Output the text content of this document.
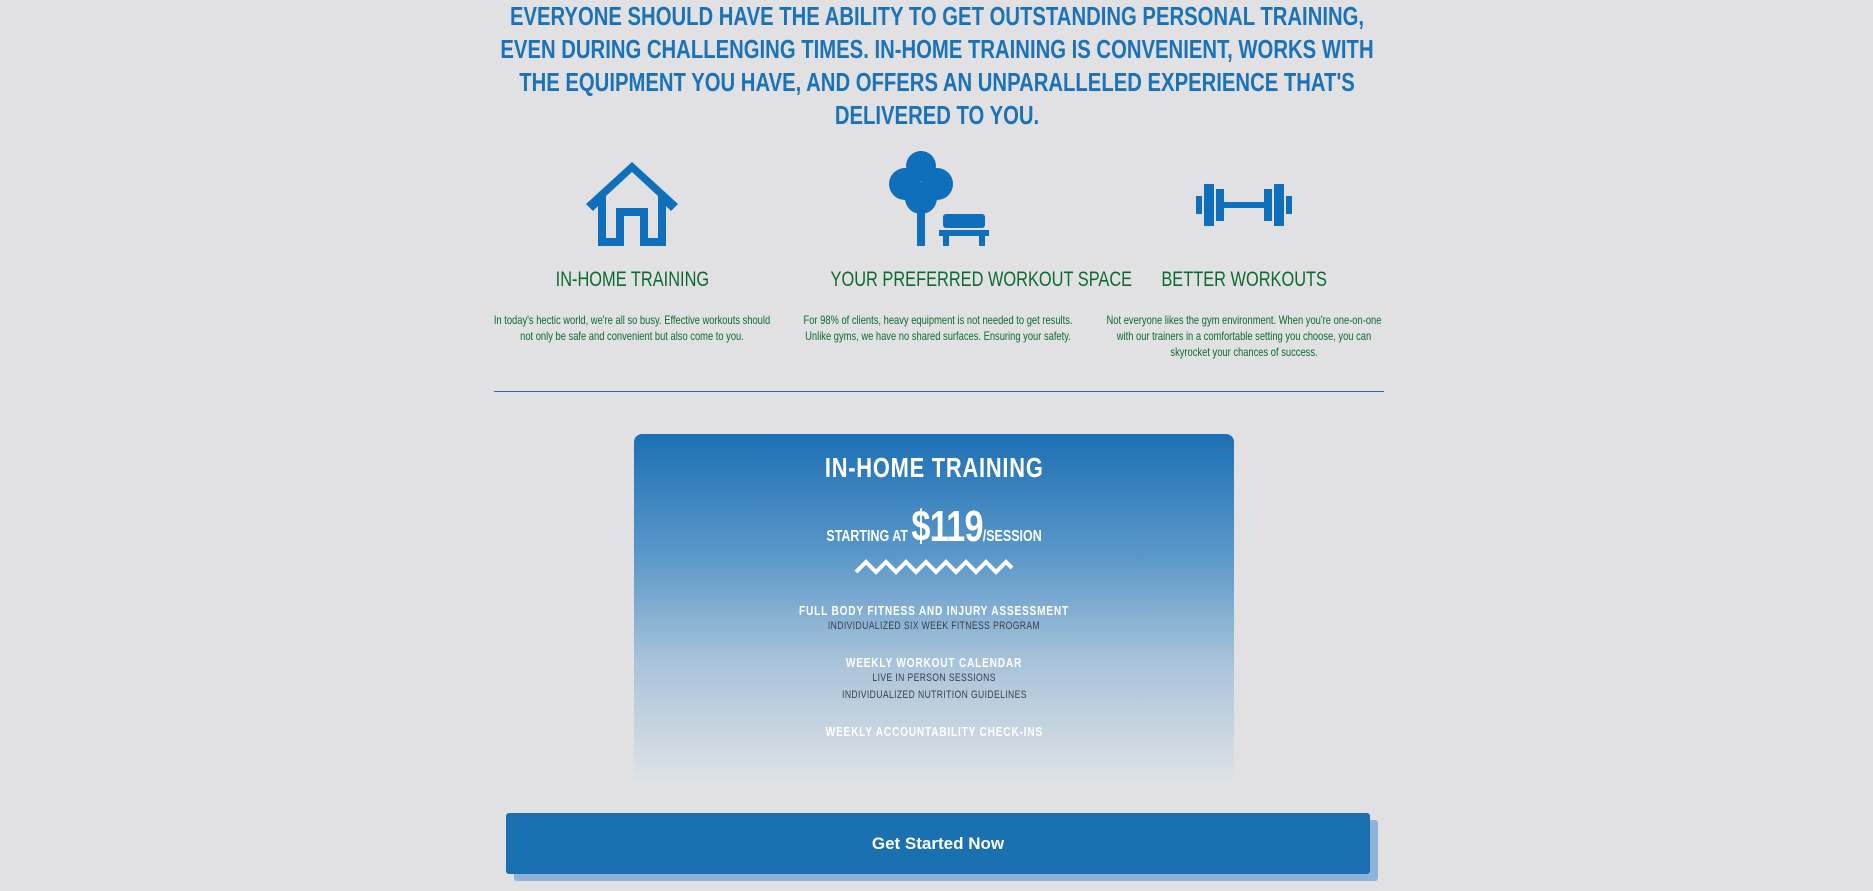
EVERYONE SHOULD HAVE THE ABILITY TO GET OUTSTANDING PERSONAL TRAINING, EVEN DURING CHALLENGING TIMES. IN-HOME TRAINING IS CONVENIENT, WORKS WITH THE EQUIPMENT YOU HAVE, AND OFFERS AN UNPARALLELED EXPERIENCE THAT'S DELIVERED TO YOU.
IN-HOME TRAINING
In today's hectic world, we're all so busy. Effective workouts should not only be safe and convenient but also come to you.
YOUR PREFERRED WORKOUT SPACE
For 98% of clients, heavy equipment is not needed to get results. Unlike gyms, we have no shared surfaces. Ensuring your safety.
BETTER WORKOUTS
Not everyone likes the gym environment. When you're one-on-one with our trainers in a comfortable setting you choose, you can skyrocket your chances of success.
IN-HOME TRAINING
STARTING AT $119/SESSION
FULL BODY FITNESS AND INJURY ASSESSMENT
INDIVIDUALIZED SIX WEEK FITNESS PROGRAM
WEEKLY WORKOUT CALENDAR
LIVE IN PERSON SESSIONS
INDIVIDUALIZED NUTRITION GUIDELINES
WEEKLY ACCOUNTABILITY CHECK-INS
Get Started Now
